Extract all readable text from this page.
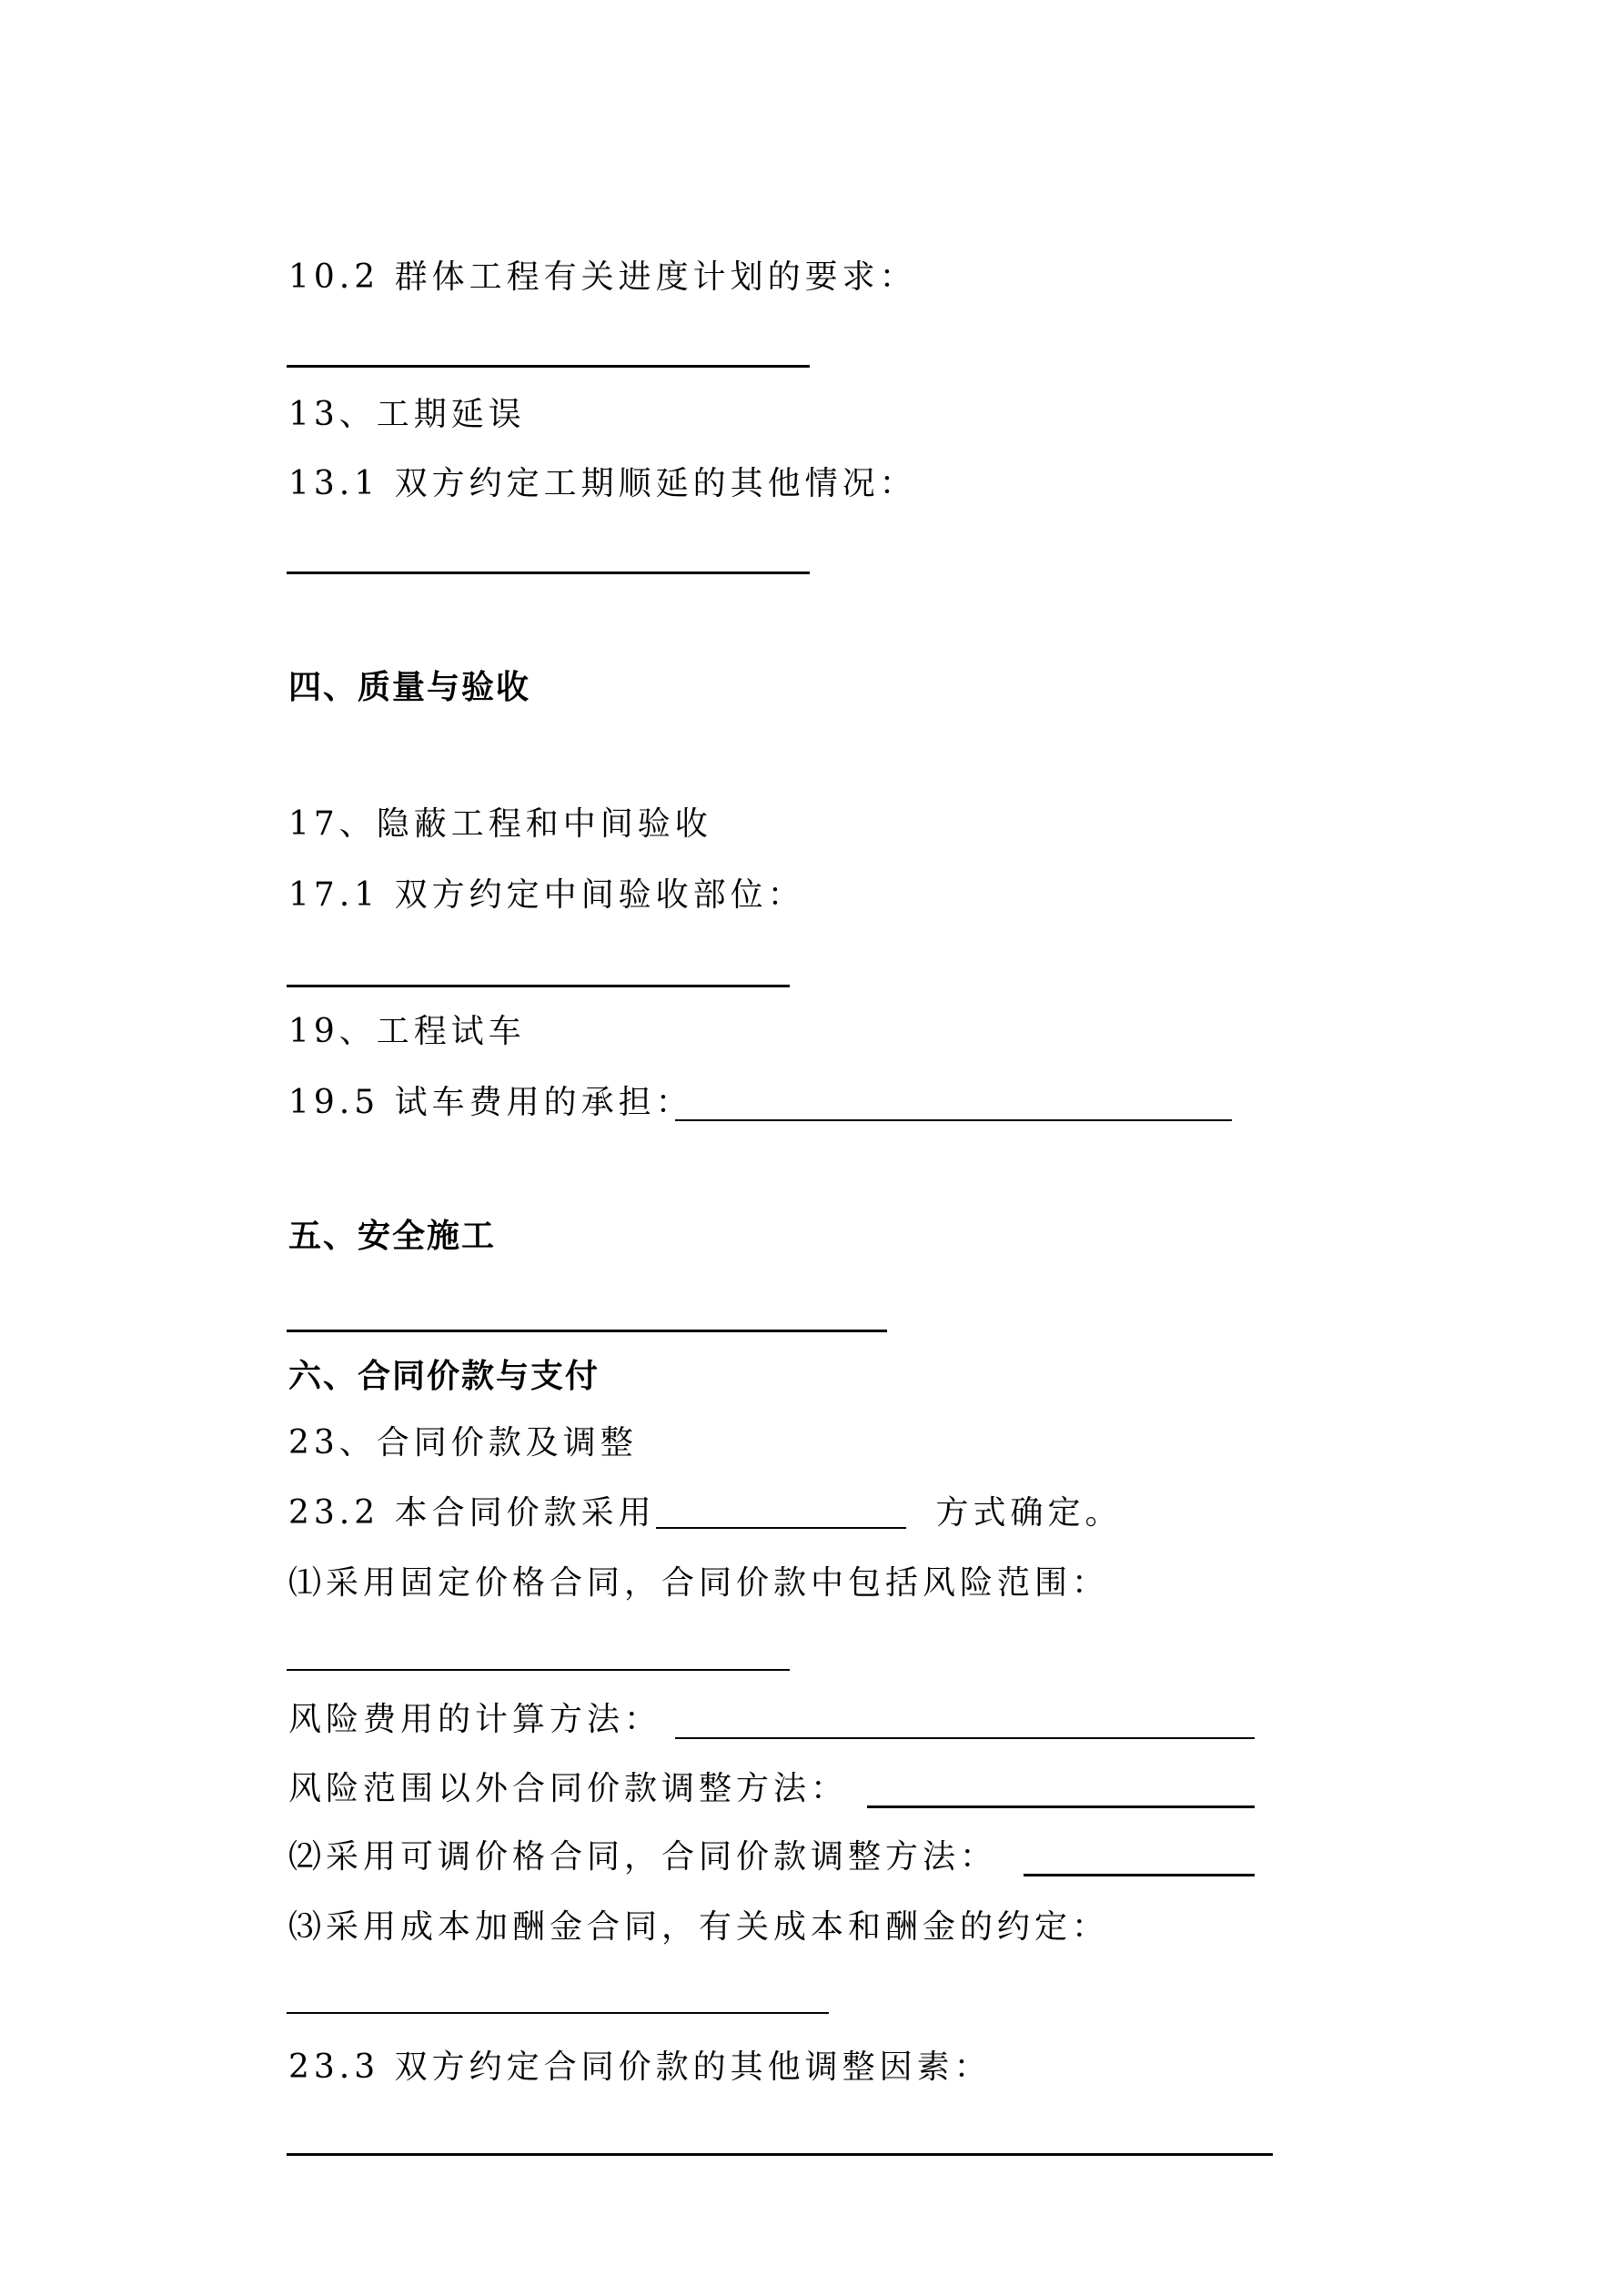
10.2 群体工程有关进度计划的要求：
13、工期延误
13.1 双方约定工期顺延的其他情况：
四、质量与验收
17、隐蔽工程和中间验收
17.1 双方约定中间验收部位：
19、工程试车
19.5 试车费用的承担：
五、安全施工
六、合同价款与支付
23、合同价款及调整
23.2 本合同价款采用	方式确定。
⑴采用固定价格合同，合同价款中包括风险范围：
风险费用的计算方法：
风险范围以外合同价款调整方法：
⑵采用可调价格合同，合同价款调整方法：
⑶采用成本加酬金合同，有关成本和酬金的约定：
23.3 双方约定合同价款的其他调整因素：
